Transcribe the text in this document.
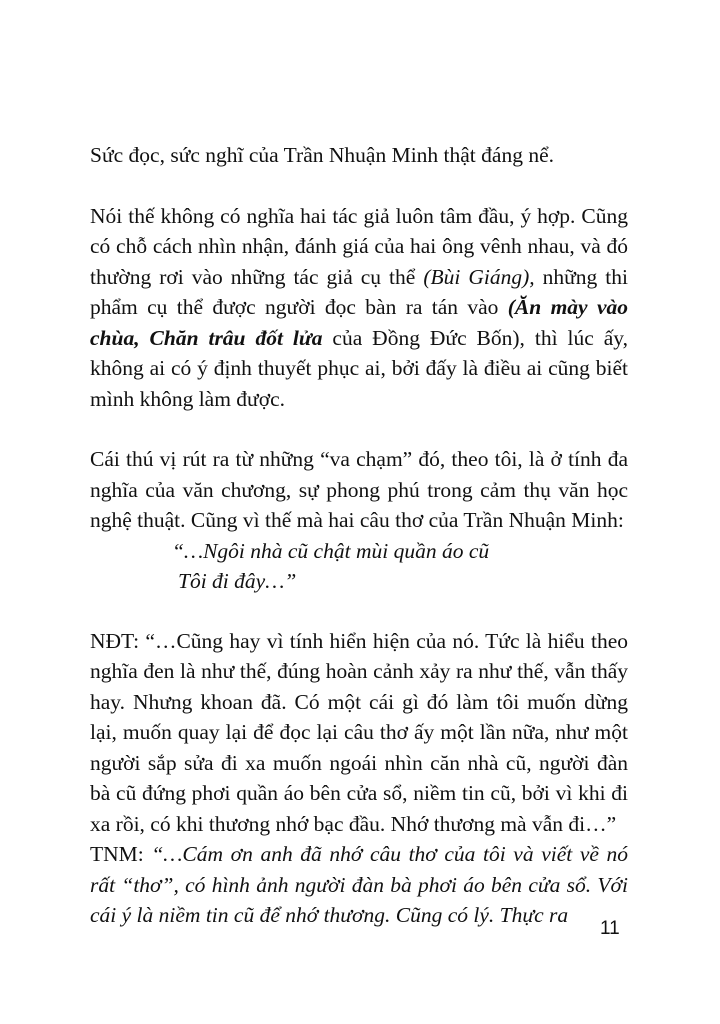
Sức đọc, sức nghĩ của Trần Nhuận Minh thật đáng nể.

Nói thế không có nghĩa hai tác giả luôn tâm đầu, ý hợp. Cũng có chỗ cách nhìn nhận, đánh giá của hai ông vênh nhau, và đó thường rơi vào những tác giả cụ thể (Bùi Giáng), những thi phẩm cụ thể được người đọc bàn ra tán vào (Ăn mày vào chùa, Chăn trâu đốt lửa của Đồng Đức Bốn), thì lúc ấy, không ai có ý định thuyết phục ai, bởi đấy là điều ai cũng biết mình không làm được.

Cái thú vị rút ra từ những “va chạm” đó, theo tôi, là ở tính đa nghĩa của văn chương, sự phong phú trong cảm thụ văn học nghệ thuật. Cũng vì thế mà hai câu thơ của Trần Nhuận Minh:

“…Ngôi nhà cũ chật mùi quần áo cũ

Tôi đi đây…”

NĐT: “…Cũng hay vì tính hiển hiện của nó. Tức là hiểu theo nghĩa đen là như thế, đúng hoàn cảnh xảy ra như thế, vẫn thấy hay. Nhưng khoan đã. Có một cái gì đó làm tôi muốn dừng lại, muốn quay lại để đọc lại câu thơ ấy một lần nữa, như một người sắp sửa đi xa muốn ngoái nhìn căn nhà cũ, người đàn bà cũ đứng phơi quần áo bên cửa sổ, niềm tin cũ, bởi vì khi đi xa rồi, có khi thương nhớ bạc đầu. Nhớ thương mà vẫn đi…”

TNM: “…Cám ơn anh đã nhớ câu thơ của tôi và viết về nó rất “thơ”, có hình ảnh người đàn bà phơi áo bên cửa sổ. Với cái ý là niềm tin cũ để nhớ thương. Cũng có lý. Thực ra

11
